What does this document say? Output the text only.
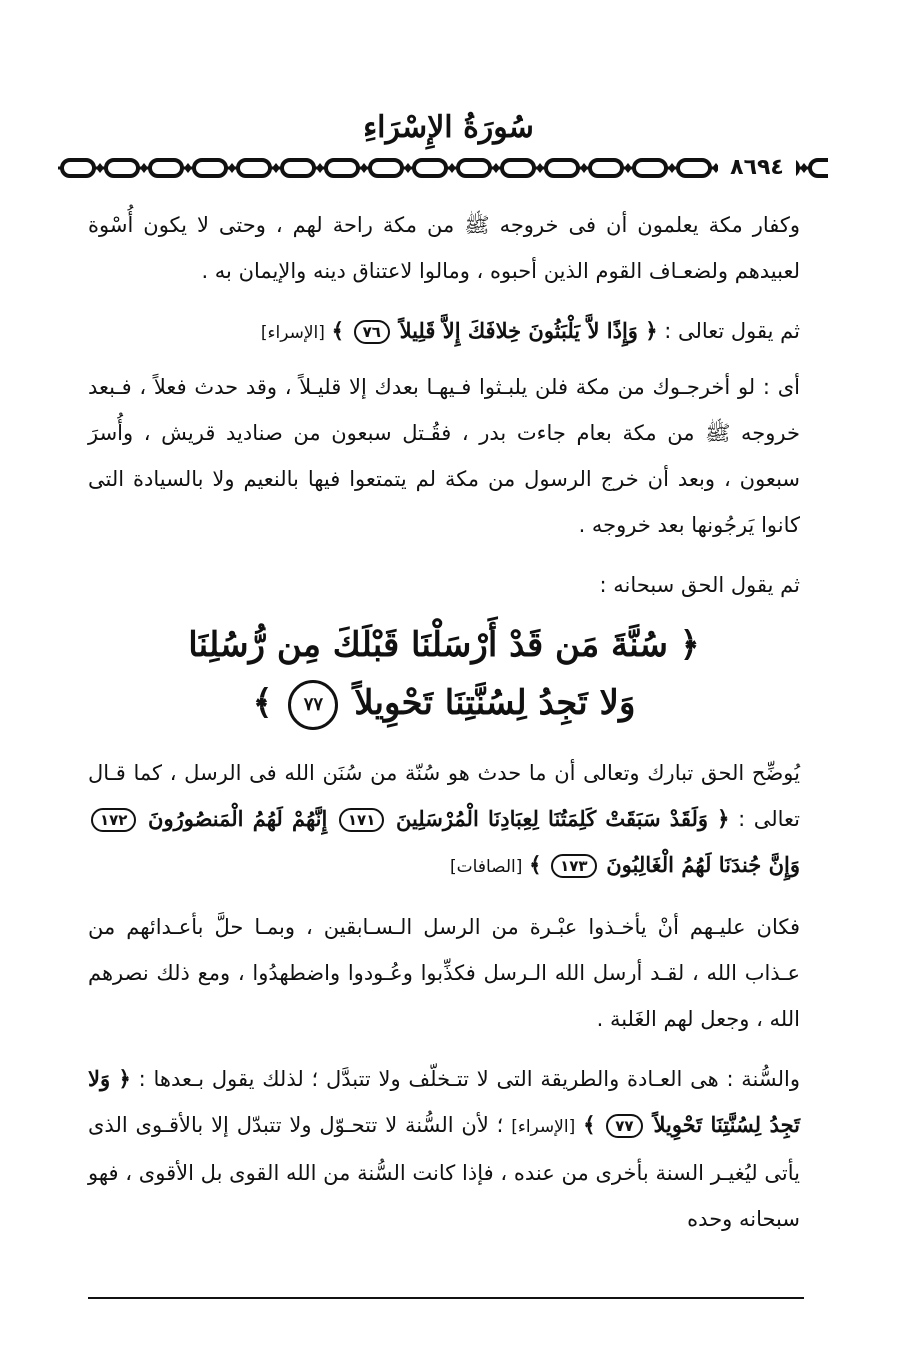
سُورَةُ الإِسْرَاءِ
٨٦٩٤

وكفار مكة يعلمون أن فى خروجه ﷺ من مكة راحة لهم ، وحتى لا يكون أُسْوة لعبيدهم ولضعـاف القوم الذين أحبوه ، ومالوا لاعتناق دينه والإيمان به .

ثم يقول تعالى : ﴿ وَإِذًا لاَّ يَلْبَثُونَ خِلافَكَ إِلاَّ قَلِيلاً ٧٦ ﴾ [الإسراء]

أى : لو أخرجـوك من مكة فلن يلبـثوا فـيهـا بعدك إلا قليـلاً ، وقد حدث فعلاً ، فـبعد خروجه ﷺ من مكة بعام جاءت بدر ، فقُـتل سبعون من صناديد قريش ، وأُسرَ سبعون ، وبعد أن خرج الرسول من مكة لم يتمتعوا فيها بالنعيم ولا بالسيادة التى كانوا يَرجُونها بعد خروجه .

ثم يقول الحق سبحانه :

﴿ سُنَّةَ مَن قَدْ أَرْسَلْنَا قَبْلَكَ مِن رُّسُلِنَا
وَلا تَجِدُ لِسُنَّتِنَا تَحْوِيلاً ٧٧ ﴾

يُوضِّح الحق تبارك وتعالى أن ما حدث هو سُنّة من سُنَن الله فى الرسل ، كما قـال تعالى : ﴿ وَلَقَدْ سَبَقَتْ كَلِمَتُنَا لِعِبَادِنَا الْمُرْسَلِينَ ١٧١ إِنَّهُمْ لَهُمُ الْمَنصُورُونَ ١٧٢ وَإِنَّ جُندَنَا لَهُمُ الْغَالِبُونَ ١٧٣ ﴾ [الصافات]

فكان عليـهم أنْ يأخـذوا عبْـرة من الرسل الـسـابقين ، وبمـا حلَّ بأعـدائهم من عـذاب الله ، لقـد أرسل الله الـرسل فكذِّبوا وعُـودوا واضطهدُوا ، ومع ذلك نصرهم الله ، وجعل لهم الغَلبة .

والسُّنة : هى العـادة والطريقة التى لا تتـخلّف ولا تتبدَّل ؛ لذلك يقول بـعدها : ﴿ وَلا تَجِدُ لِسُنَّتِنَا تَحْوِيلاً ٧٧ ﴾ [الإسراء] ؛ لأن السُّنة لا تتحـوّل ولا تتبدّل إلا بالأقـوى الذى يأتى ليُغيـر السنة بأخرى من عنده ، فإذا كانت السُّنة من الله القوى بل الأقوى ، فهو سبحانه وحده
